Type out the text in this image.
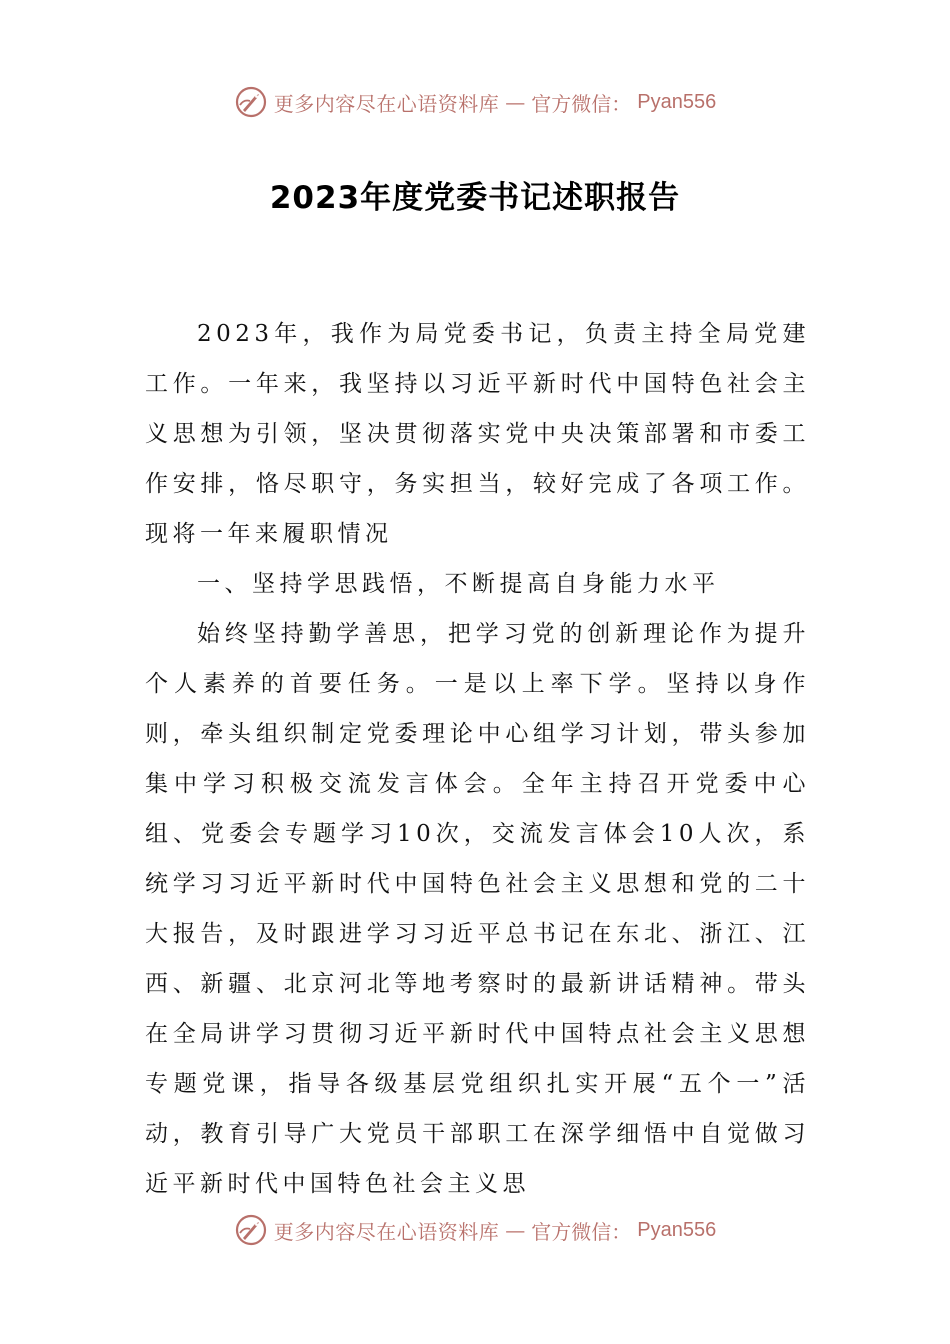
更多内容尽在心语资料库 — 官方微信： Pyan556
2023年度党委书记述职报告

2023年，我作为局党委书记，负责主持全局党建工作。一年来，我坚持以习近平新时代中国特色社会主义思想为引领，坚决贯彻落实党中央决策部署和市委工作安排，恪尽职守，务实担当，较好完成了各项工作。现将一年来履职情况

一、坚持学思践悟，不断提高自身能力水平

始终坚持勤学善思，把学习党的创新理论作为提升个人素养的首要任务。一是以上率下学。坚持以身作则，牵头组织制定党委理论中心组学习计划，带头参加集中学习积极交流发言体会。全年主持召开党委中心组、党委会专题学习10次，交流发言体会10人次，系统学习习近平新时代中国特色社会主义思想和党的二十大报告，及时跟进学习习近平总书记在东北、浙江、江西、新疆、北京河北等地考察时的最新讲话精神。带头在全局讲学习贯彻习近平新时代中国特点社会主义思想专题党课，指导各级基层党组织扎实开展“五个一”活动，教育引导广大党员干部职工在深学细悟中自觉做习近平新时代中国特色社会主义思

更多内容尽在心语资料库 — 官方微信： Pyan556
